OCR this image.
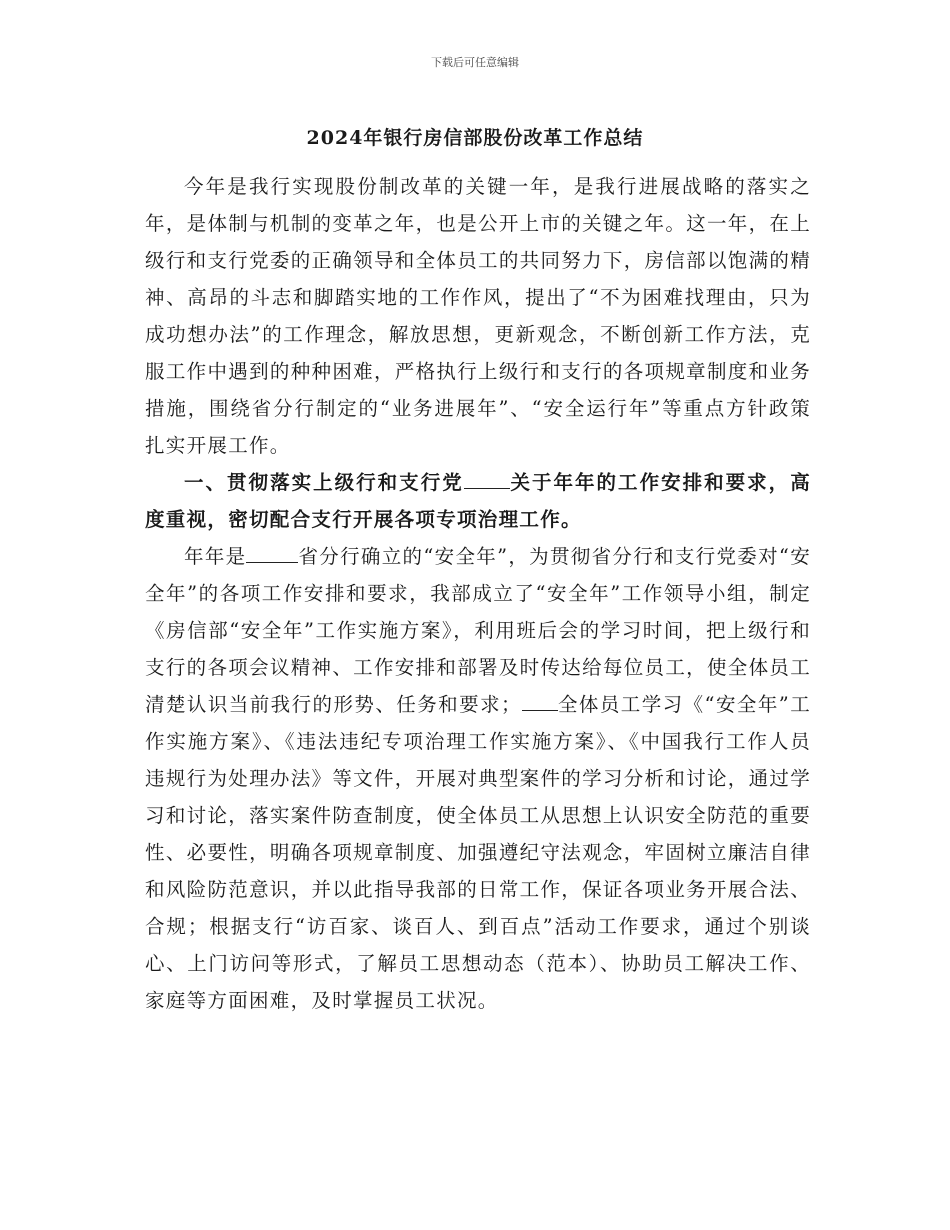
下载后可任意编辑
2024年银行房信部股份改革工作总结

今年是我行实现股份制改革的关键一年，是我行进展战略的落实之年，是体制与机制的变革之年，也是公开上市的关键之年。这一年，在上级行和支行党委的正确领导和全体员工的共同努力下，房信部以饱满的精神、高昂的斗志和脚踏实地的工作作风，提出了“不为困难找理由，只为成功想办法”的工作理念，解放思想，更新观念，不断创新工作方法，克服工作中遇到的种种困难，严格执行上级行和支行的各项规章制度和业务措施，围绕省分行制定的“业务进展年”、“安全运行年”等重点方针政策扎实开展工作。

一、贯彻落实上级行和支行党 关于年年的工作安排和要求，高度重视，密切配合支行开展各项专项治理工作。

年年是	省分行确立的“安全年”，为贯彻省分行和支行党委对“安全年”的各项工作安排和要求，我部成立了“安全年”工作领导小组，制定《房信部“安全年”工作实施方案》，利用班后会的学习时间，把上级行和支行的各项会议精神、工作安排和部署及时传达给每位员工，使全体员工清楚认识当前我行的形势、任务和要求； 全体员工学习《“安全年”工作实施方案》、《违法违纪专项治理工作实施方案》、《中国我行工作人员违规行为处理办法》等文件，开展对典型案件的学习分析和讨论，通过学习和讨论，落实案件防查制度，使全体员工从思想上认识安全防范的重要性、必要性，明确各项规章制度、加强遵纪守法观念，牢固树立廉洁自律和风险防范意识，并以此指导我部的日常工作，保证各项业务开展合法、合规；根据支行“访百家、谈百人、到百点”活动工作要求，通过个别谈心、上门访问等形式，了解员工思想动态（范本）、协助员工解决工作、家庭等方面困难，及时掌握员工状况。
